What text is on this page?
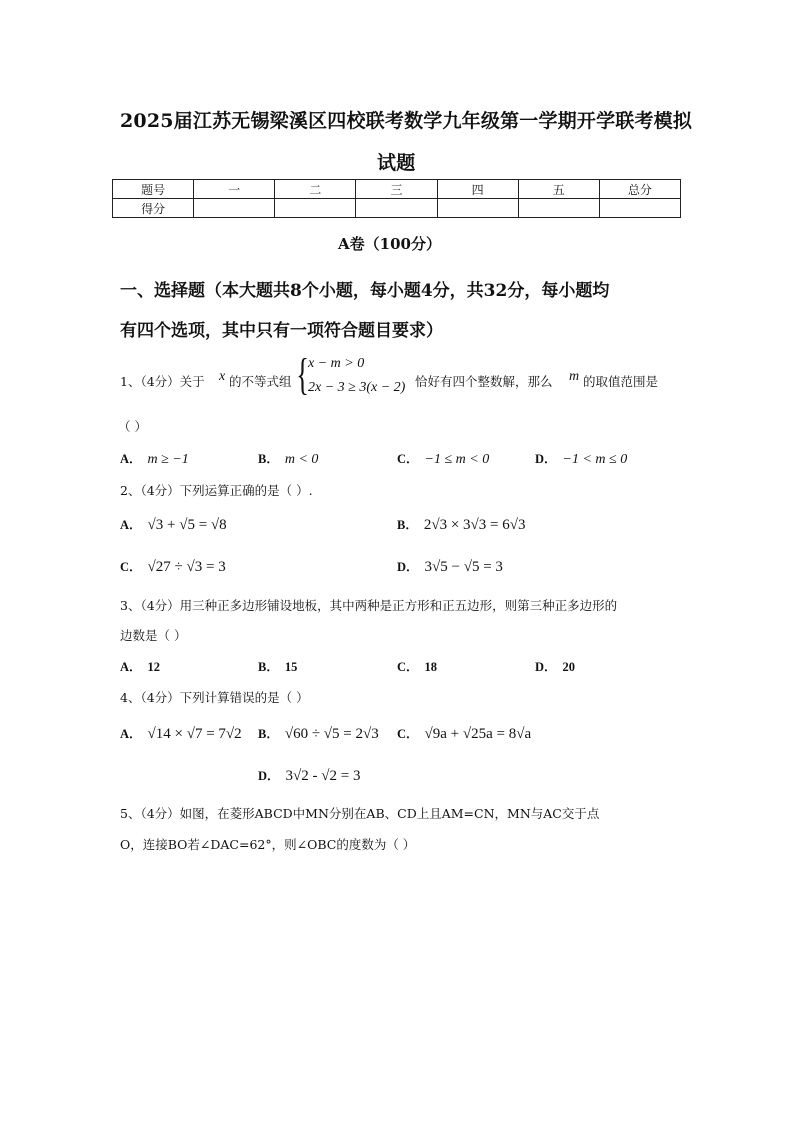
2025届江苏无锡梁溪区四校联考数学九年级第一学期开学联考模拟
试题
题号	一	二	三	四	五	总分
得分						
A卷（100分）
一、选择题（本大题共8个小题，每小题4分，共32分，每小题均
有四个选项，其中只有一项符合题目要求）
1、（4分）关于 x 的不等式组 { x − m > 0
2x − 3 ≥ 3(x − 2) 恰好有四个整数解，那么 m 的取值范围是
（ ）
A． m ≥ −1	B． m < 0	C． −1 ≤ m < 0	D． −1 < m ≤ 0
2、（4分）下列运算正确的是（ ）.
A． √3 + √5 = √8	B． 2√3 × 3√3 = 6√3
C． √27 ÷ √3 = 3	D． 3√5 − √5 = 3
3、（4分）用三种正多边形铺设地板，其中两种是正方形和正五边形，则第三种正多边形的
边数是（ ）
A． 12	B． 15	C． 18	D． 20
4、（4分）下列计算错误的是（ ）
A． √14 × √7 = 7√2 B． √60 ÷ √5 = 2√3 C． √9a + √25a = 8√a
D． 3√2 - √2 = 3
5、（4分）如图，在菱形ABCD中MN分别在AB、CD上且AM=CN，MN与AC交于点
O，连接BO若∠DAC=62°，则∠OBC的度数为（ ）
